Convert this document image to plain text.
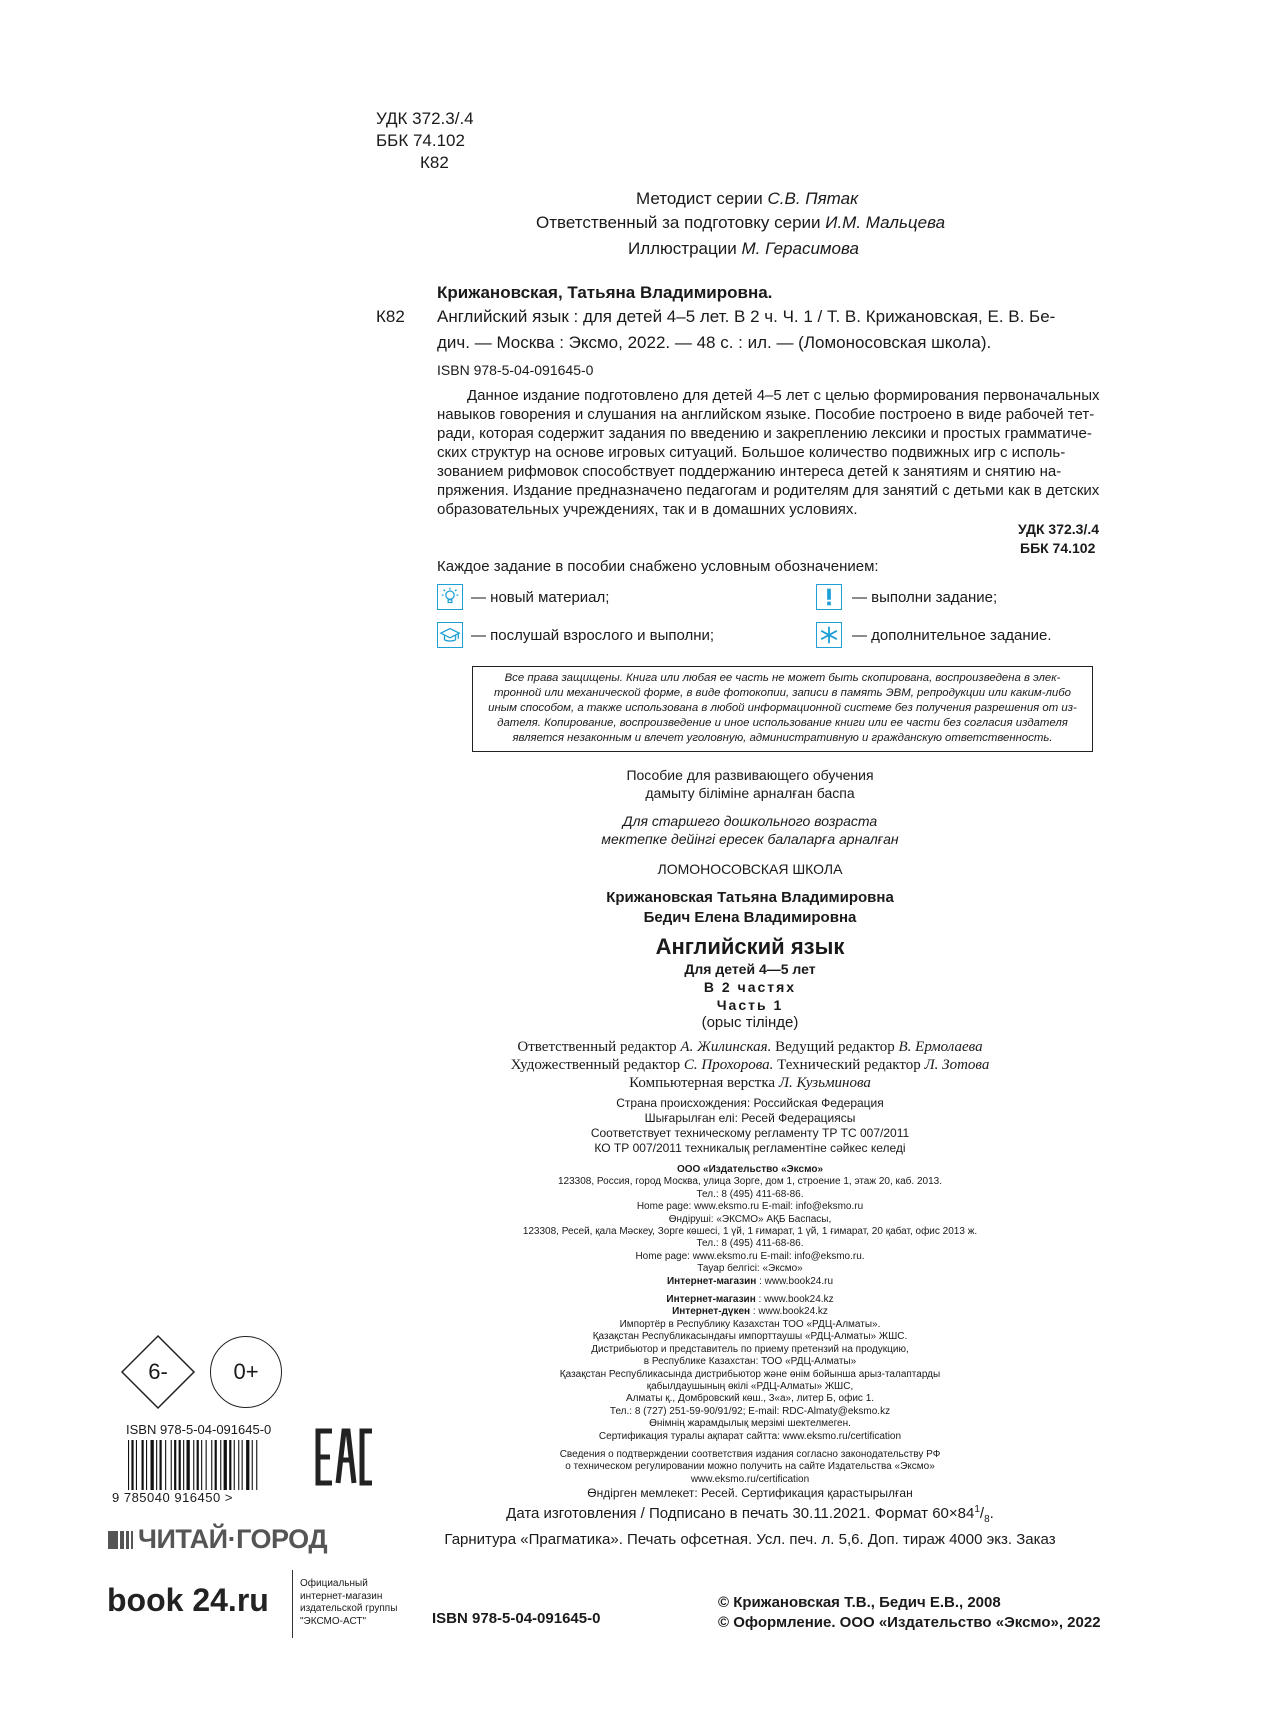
УДК 372.3/.4
ББК 74.102
К82
Методист серии С.В. Пятак
Ответственный за подготовку серии И.М. Мальцева
Иллюстрации М. Герасимова
Крижановская, Татьяна Владимировна.
К82 Английский язык : для детей 4–5 лет. В 2 ч. Ч. 1 / Т. В. Крижановская, Е. В. Бе-
дич. — Москва : Эксмо, 2022. — 48 с. : ил. — (Ломоносовская школа).
ISBN 978-5-04-091645-0
Данное издание подготовлено для детей 4–5 лет с целью формирования первоначальных
навыков говорения и слушания на английском языке. Пособие построено в виде рабочей тет-
ради, которая содержит задания по введению и закреплению лексики и простых грамматиче-
ских структур на основе игровых ситуаций. Большое количество подвижных игр с исполь-
зованием рифмовок способствует поддержанию интереса детей к занятиям и снятию на-
пряжения. Издание предназначено педагогам и родителям для занятий с детьми как в детских
образовательных учреждениях, так и в домашних условиях.
УДК 372.3/.4
ББК 74.102
Каждое задание в пособии снабжено условным обозначением:
— новый материал;	— выполни задание;
— послушай взрослого и выполни;	— дополнительное задание.
Все права защищены. Книга или любая ее часть не может быть скопирована, воспроизведена в элек-
тронной или механической форме, в виде фотокопии, записи в память ЭВМ, репродукции или каким-либо
иным способом, а также использована в любой информационной системе без получения разрешения от из-
дателя. Копирование, воспроизведение и иное использование книги или ее части без согласия издателя
является незаконным и влечет уголовную, административную и гражданскую ответственность.
Пособие для развивающего обучения
дамыту біліміне арналған баспа
Для старшего дошкольного возраста
мектепке дейінгі ересек балаларға арналған
ЛОМОНОСОВСКАЯ ШКОЛА
Крижановская Татьяна Владимировна
Бедич Елена Владимировна
Английский язык
Для детей 4—5 лет
В 2 частях
Часть 1
(орыс тілінде)
Ответственный редактор А. Жилинская. Ведущий редактор В. Ермолаева
Художественный редактор С. Прохорова. Технический редактор Л. Зотова
Компьютерная верстка Л. Кузьминова
Страна происхождения: Российская Федерация
Шығарылған елі: Ресей Федерациясы
Соответствует техническому регламенту ТР ТС 007/2011
КО ТР 007/2011 техникалық регламентіне сәйкес келеді
ООО «Издательство «Эксмо»
123308, Россия, город Москва, улица Зорге, дом 1, строение 1, этаж 20, каб. 2013.
Тел.: 8 (495) 411-68-86.
Home page: www.eksmo.ru E-mail: info@eksmo.ru
Өндіруші: «ЭКСМО» АҚБ Баспасы,
123308, Ресей, қала Мәскеу, Зорге көшесі, 1 үй, 1 ғимарат, 1 үй, 1 ғимарат, 20 қабат, офис 2013 ж.
Тел.: 8 (495) 411-68-86.
Home page: www.eksmo.ru E-mail: info@eksmo.ru.
Тауар белгісі: «Эксмо»
Интернет-магазин : www.book24.ru
Интернет-магазин : www.book24.kz
Интернет-дүкен : www.book24.kz
Импортёр в Республику Казахстан ТОО «РДЦ-Алматы».
Қазақстан Республикасындағы импорттаушы «РДЦ-Алматы» ЖШС.
Дистрибьютор и представитель по приему претензий на продукцию,
в Республике Казахстан: ТОО «РДЦ-Алматы»
Қазақстан Республикасында дистрибьютор және өнім бойынша арыз-талаптарды
қабылдаушының өкілі «РДЦ-Алматы» ЖШС,
Алматы қ., Домбровский көш., 3«а», литер Б, офис 1.
Тел.: 8 (727) 251-59-90/91/92; E-mail: RDC-Almaty@eksmo.kz
Өнімнің жарамдылық мерзімі шектелмеген.
Сертификация туралы ақпарат сайтта: www.eksmo.ru/certification
Сведения о подтверждении соответствия издания согласно законодательству РФ
о техническом регулировании можно получить на сайте Издательства «Эксмо»
www.eksmo.ru/certification
Өндірген мемлекет: Ресей. Сертификация қарастырылған
Дата изготовления / Подписано в печать 30.11.2021. Формат $60\times 84^1/_8$.
Гарнитура «Прагматика». Печать офсетная. Усл. печ. л. 5,6. Доп. тираж 4000 экз. Заказ
6-	0+
ISBN 978-5-04-091645-0
9 785040 916450 >
ЧИТАЙ·ГОРОД
book 24.ru	Официальный
интернет-магазин
издательской группы
"ЭКСМО-АСТ"	ISBN 978-5-04-091645-0
© Крижановская Т.В., Бедич Е.В., 2008
© Оформление. ООО «Издательство «Эксмо», 2022
